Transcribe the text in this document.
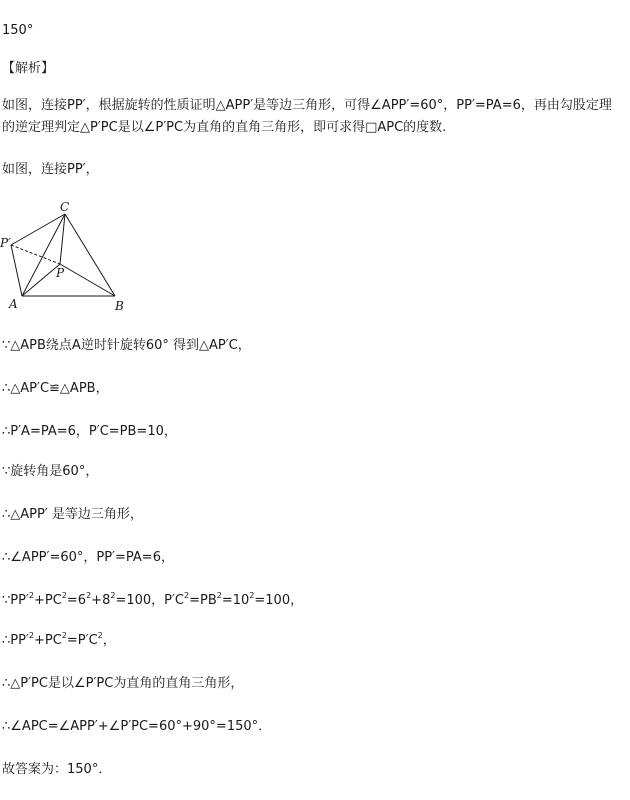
150°
【解析】
如图，连接PP′，根据旋转的性质证明△APP′是等边三角形，可得∠APP′=60°，PP′=PA=6，再由勾股定理的逆定理判定△P′PC是以∠P′PC为直角的直角三角形，即可求得□APC的度数.
如图，连接PP′，
C
P′
P
A	B
∵△APB绕点A逆时针旋转60° 得到△AP′C，
∴△AP′C≌△APB，
∴P′A=PA=6，P′C=PB=10，
∵旋转角是60°，
∴△APP′ 是等边三角形，
∴∠APP′=60°，PP′=PA=6，
$\because PP'^2+PC^2=6^2+8^2=100$，$P'C^2=PB^2=10^2=100$，
$\therefore PP'^2+PC^2=P'C^2$，
∴△P′PC是以∠P′PC为直角的直角三角形，
∴∠APC=∠APP′+∠P′PC=60°+90°=150°．
故答案为：150°．
